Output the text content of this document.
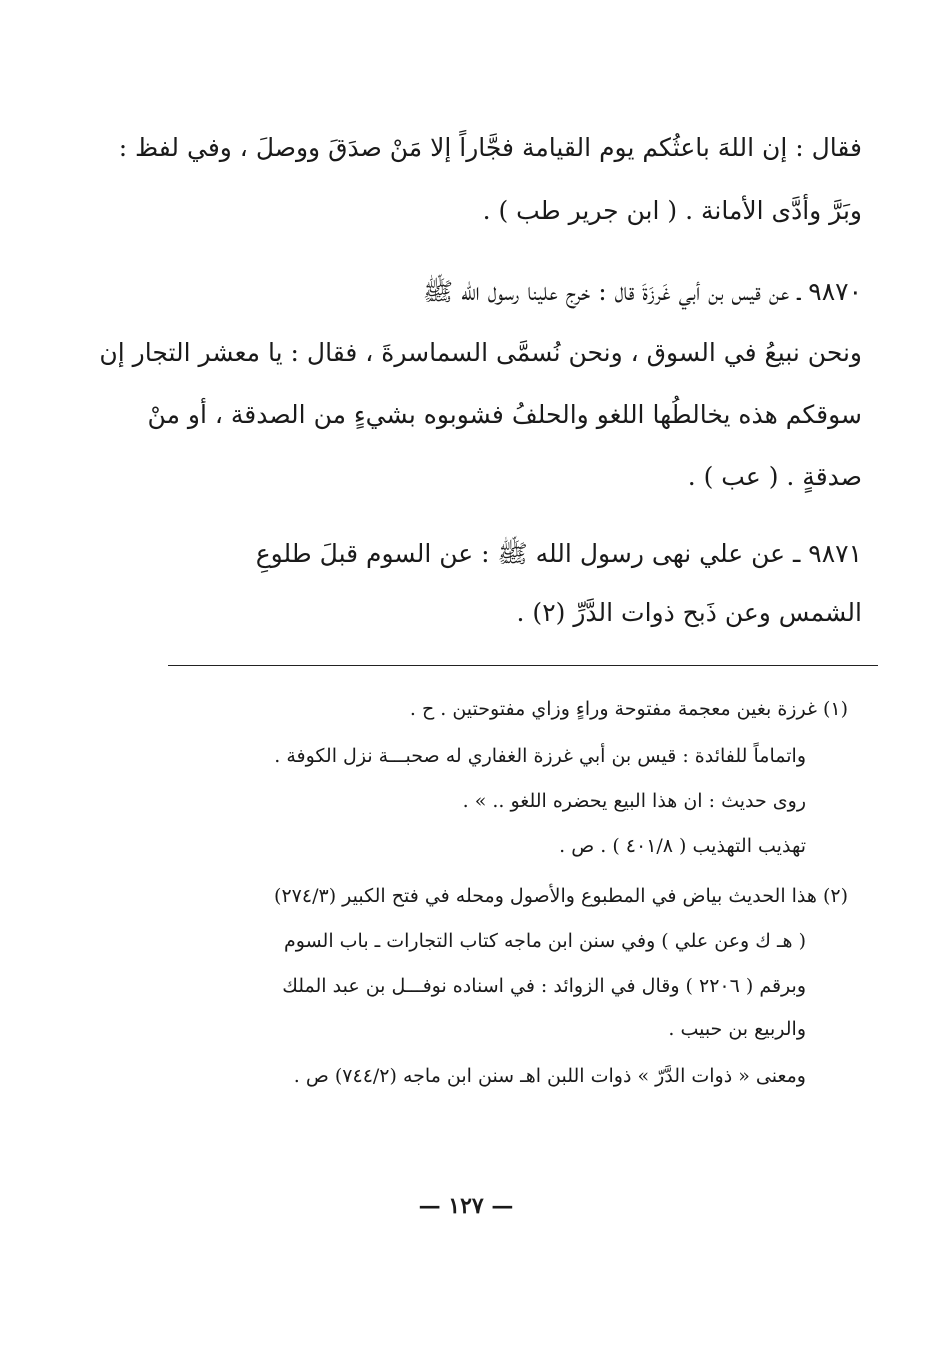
فقال : إن اللهَ باعثُكم يوم القيامة فجَّاراً إلا مَنْ صدَقَ ووصلَ ، وفي لفظ :
وبَرَّ وأدَّى الأمانة . ( ابن جرير طب ) .
٩٨٧٠ ـ عن قيس بن أبي غَرزَةَ قال : خرج علينا رسول الله ﷺ
ونحن نبيعُ في السوق ، ونحن نُسمَّى السماسرةَ ، فقال : يا معشر التجار إن
سوقكم هذه يخالطُها اللغو والحلفُ فشوبوه بشيءٍ من الصدقة ، أو منْ
صدقةٍ . ( عب ) .
٩٨٧١ ـ عن علي نهى رسول الله ﷺ : عن السوم قبلَ طلوعِ
الشمس وعن ذَبح ذوات الدَّرِّ (٢) .
(١) غرزة بغين معجمة مفتوحة وراءٍ وزاي مفتوحتين . ح .
واتماماً للفائدة : قيس بن أبي غرزة الغفاري له صحبـــة نزل الكوفة .
روى حديث : ان هذا البيع يحضره اللغو .. » .
تهذيب التهذيب ( ٤٠١/٨ ) . ص .
(٢) هذا الحديث بياض في المطبوع والأصول ومحله في فتح الكبير (٢٧٤/٣)
( هـ ك وعن علي ) وفي سنن ابن ماجه كتاب التجارات ـ باب السوم
وبرقم ( ٢٢٠٦ ) وقال في الزوائد : في اسناده نوفـــل بن عبد الملك
والربيع بن حبيب .
ومعنى « ذوات الدَّرّ » ذوات اللبن اهـ سنن ابن ماجه (٧٤٤/٢) ص .
— ١٢٧ —
